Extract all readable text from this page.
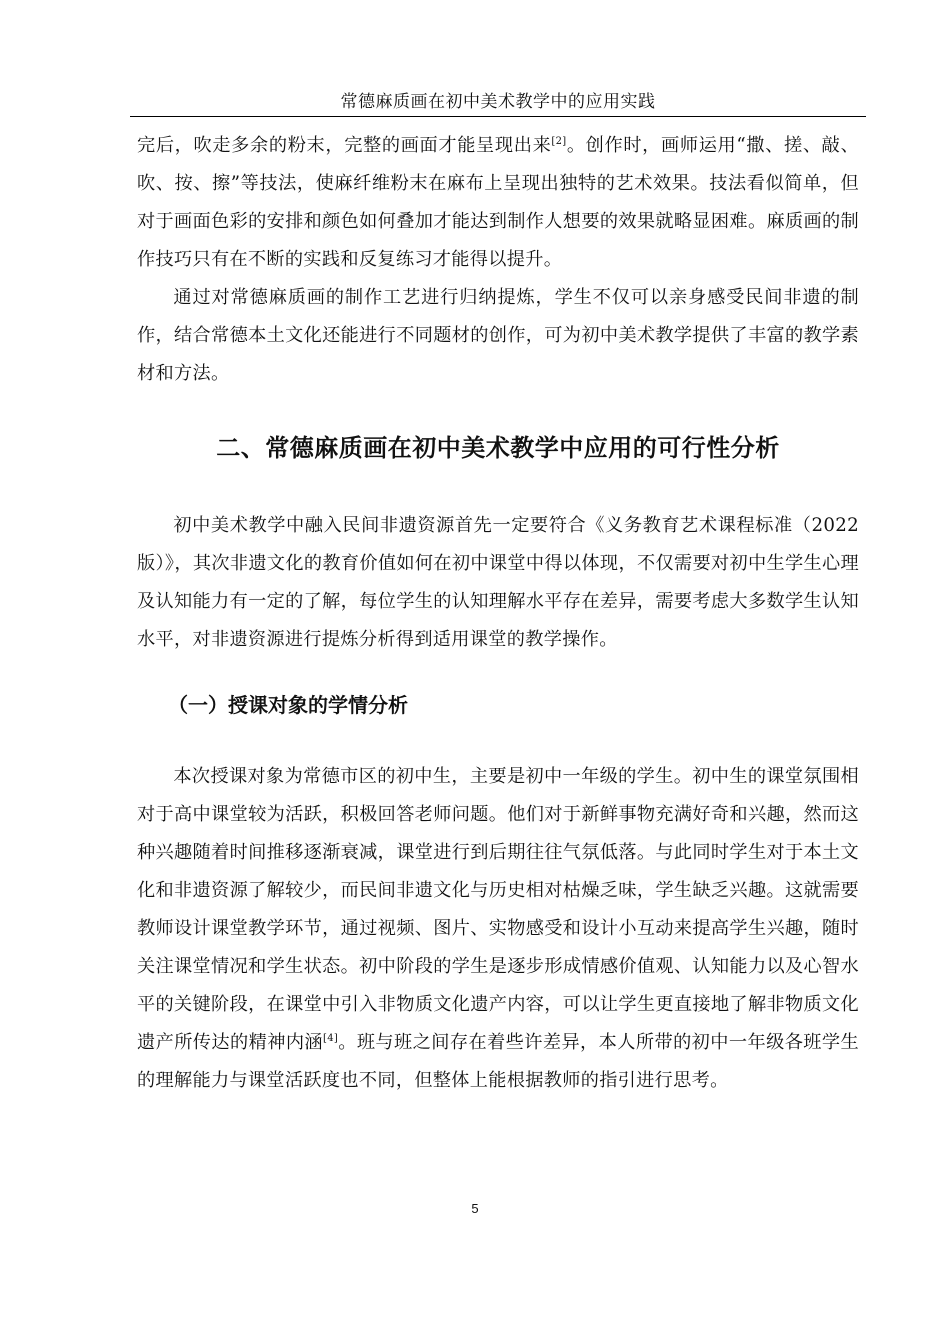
常德麻质画在初中美术教学中的应用实践

完后，吹走多余的粉末，完整的画面才能呈现出来[2]。创作时，画师运用“撒、搓、敲、吹、按、擦”等技法，使麻纤维粉末在麻布上呈现出独特的艺术效果。技法看似简单，但对于画面色彩的安排和颜色如何叠加才能达到制作人想要的效果就略显困难。麻质画的制作技巧只有在不断的实践和反复练习才能得以提升。

通过对常德麻质画的制作工艺进行归纳提炼，学生不仅可以亲身感受民间非遗的制作，结合常德本土文化还能进行不同题材的创作，可为初中美术教学提供了丰富的教学素材和方法。

二、常德麻质画在初中美术教学中应用的可行性分析

初中美术教学中融入民间非遗资源首先一定要符合《义务教育艺术课程标准（2022 版）》，其次非遗文化的教育价值如何在初中课堂中得以体现，不仅需要对初中生学生心理及认知能力有一定的了解，每位学生的认知理解水平存在差异，需要考虑大多数学生认知水平，对非遗资源进行提炼分析得到适用课堂的教学操作。

（一）授课对象的学情分析

本次授课对象为常德市区的初中生，主要是初中一年级的学生。初中生的课堂氛围相对于高中课堂较为活跃，积极回答老师问题。他们对于新鲜事物充满好奇和兴趣，然而这种兴趣随着时间推移逐渐衰减，课堂进行到后期往往气氛低落。与此同时学生对于本土文化和非遗资源了解较少，而民间非遗文化与历史相对枯燥乏味，学生缺乏兴趣。这就需要教师设计课堂教学环节，通过视频、图片、实物感受和设计小互动来提高学生兴趣，随时关注课堂情况和学生状态。初中阶段的学生是逐步形成情感价值观、认知能力以及心智水平的关键阶段，在课堂中引入非物质文化遗产内容，可以让学生更直接地了解非物质文化遗产所传达的精神内涵[4]。班与班之间存在着些许差异，本人所带的初中一年级各班学生的理解能力与课堂活跃度也不同，但整体上能根据教师的指引进行思考。

5
